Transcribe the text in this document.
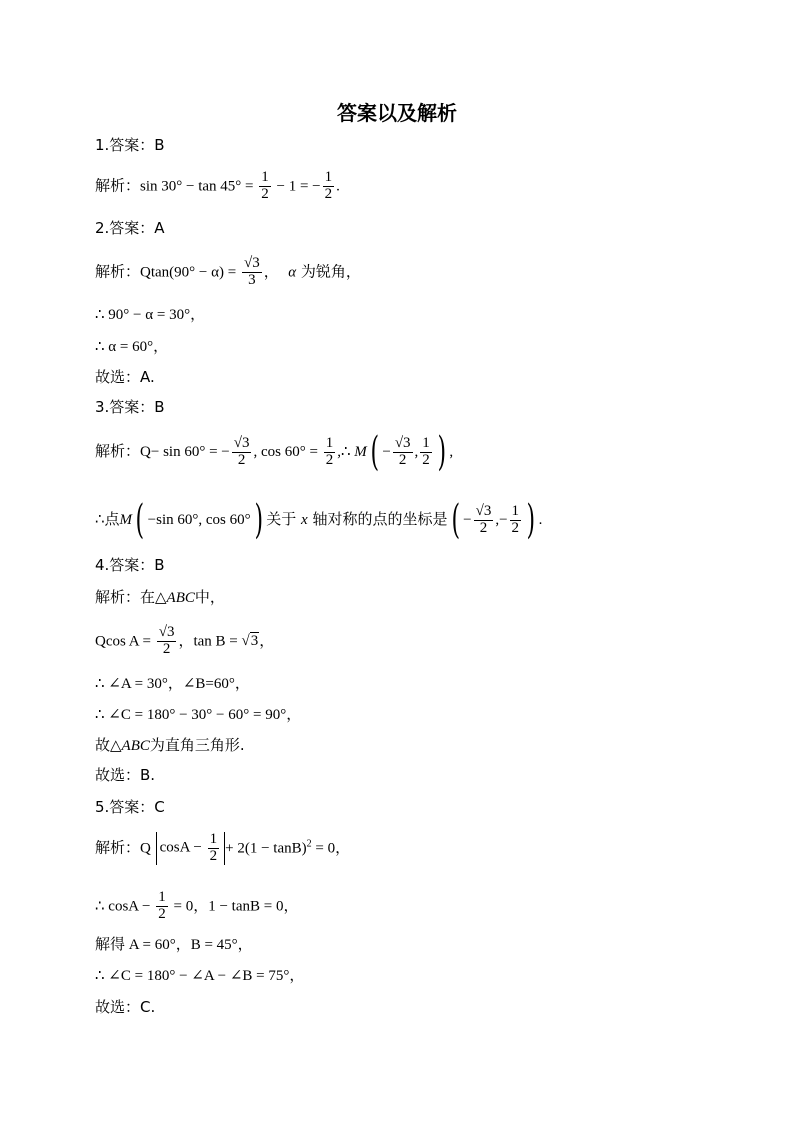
答案以及解析
1.答案：B
解析：$\sin 30^\circ - \tan 45^\circ = \frac{1}{2} - 1$ = − $\frac{1}{2}$ .
2.答案：A
解析：$Qtan(90^\circ - \alpha) = \frac{√3}{3}$ ， α 为锐角，
∴ 90° − α = 30°，
∴ α = 60°，
故选：A.
3.答案：B
解析：Q− sin 60° = − $\frac{√3}{2}$ , $\cos 60^\circ = \frac{1}{2}$ ,∴ $M( - \frac{√3}{2}$ , $\frac{1}{2}$ ) ,
∴点M( −sin 60°, cos 60°) 关于 x 轴对称的点的坐标是( − $\frac{√3}{2}$ ,− $\frac{1}{2}$ ) .
4.答案：B
解析：在△ABC中，
Qcos $A = \frac{√3}{2}$ ，tan B = √3，
∴ ∠A = 30°，∠B=60°，
∴ ∠C = 180° − 30° − 60° = 90°，
故△ABC为直角三角形.
故选：B.
5.答案：C
解析：Q $\cos A - \frac{1}{2} + 2(1 - \tan B)^2 = 0$，
∴ $\cos A - \frac{1}{2} = 0$，1 − tanB = 0，
解得 A = 60°，B = 45°，
∴ ∠C = 180° − ∠A − ∠B = 75°，
故选：C.
